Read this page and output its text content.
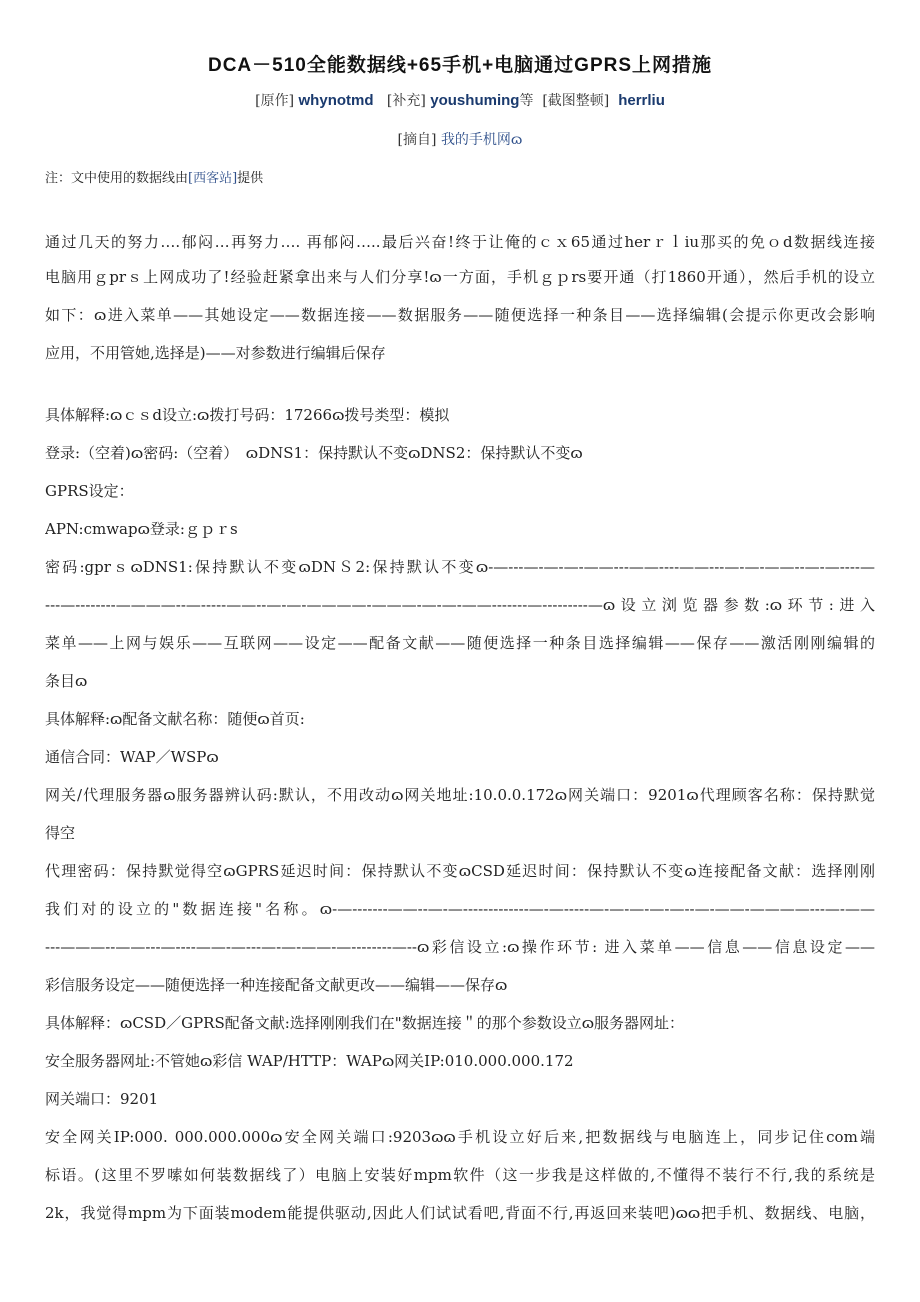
DCA－510全能数据线+65手机+电脑通过GPRS上网措施
[原作] whynotmd [补充] youshuming等 [截图整顿] herrliu
[摘自] 我的手机网ɷ
注：文中使用的数据线由[西客站]提供
通过几天的努力….郁闷…再努力…. 再郁闷…..最后兴奋!终于让俺的ｃｘ65通过herｒｌiu那买的免ｏd数据线连接
电脑用ｇprｓ上网成功了!经验赶紧拿出来与人们分享!ɷ一方面，手机ｇｐrs要开通（打1860开通），然后手机的设立
如下：ɷ进入菜单——其她设定——数据连接——数据服务——随便选择一种条目——选择编辑(会提示你更改会影响
应用，不用管她,选择是)——对参数进行编辑后保存
具体解释:ɷｃｓd设立:ɷ拨打号码：17266ɷ拨号类型：模拟
登录:（空着)ɷ密码:（空着）　ɷDNS1：保持默认不变ɷDNS2：保持默认不变ɷ
GPRS设定：
APN:cmwapɷ登录:ｇｐｒs
密码:gprｓɷDNS1:保持默认不变ɷDNＳ2:保持默认不变ɷ-—---—-—-—-——---——----——---—-—-——--—-—----—
---—--------————--—-----——--—-—-————-———-—-—-——-------—---------—ɷ设立浏览器参数:ɷ环节:进入
菜单——上网与娱乐——互联网——设定——配备文献——随便选择一种条目选择编辑——保存——激活刚刚编辑的
条目ɷ
具体解释:ɷ配备文献名称：随便ɷ首页:
通信合同：WAP／WSPɷ
网关/代理服务器ɷ服务器辨认码:默认，不用改动ɷ网关地址:10.0.0.172ɷ网关端口：9201ɷ代理顾客名称：保持默觉
得空
代理密码：保持默觉得空ɷGPRS延迟时间：保持默认不变ɷCSD延迟时间：保持默认不变ɷ连接配备文献：选择刚刚
我们对的设立的"数据连接"名称。ɷ-—-------——--—-—-------------—-—-----—-—-—-—-—--—-——-————---—-——
---———--——---—----——-—---—-—-——-—--------—--ɷ彩信设立:ɷ操作环节: 进入菜单——信息——信息设定——
彩信服务设定——随便选择一种连接配备文献更改——编辑——保存ɷ
具体解释：ɷCSD／GPRS配备文献:选择刚刚我们在"数据连接＂的那个参数设立ɷ服务器网址：
安全服务器网址:不管她ɷ彩信 WAP/HTTP：WAPɷ网关IP:010.000.000.172
网关端口：9201
安全网关IP:000. 000.000.000ɷ安全网关端口:9203ɷɷ手机设立好后来,把数据线与电脑连上，同步记住com端
标语。(这里不罗嗦如何装数据线了）电脑上安装好mpm软件（这一步我是这样做的,不懂得不装行不行,我的系统是
2k，我觉得mpm为下面装modem能提供驱动,因此人们试试看吧,背面不行,再返回来装吧)ɷɷ把手机、数据线、电脑，
